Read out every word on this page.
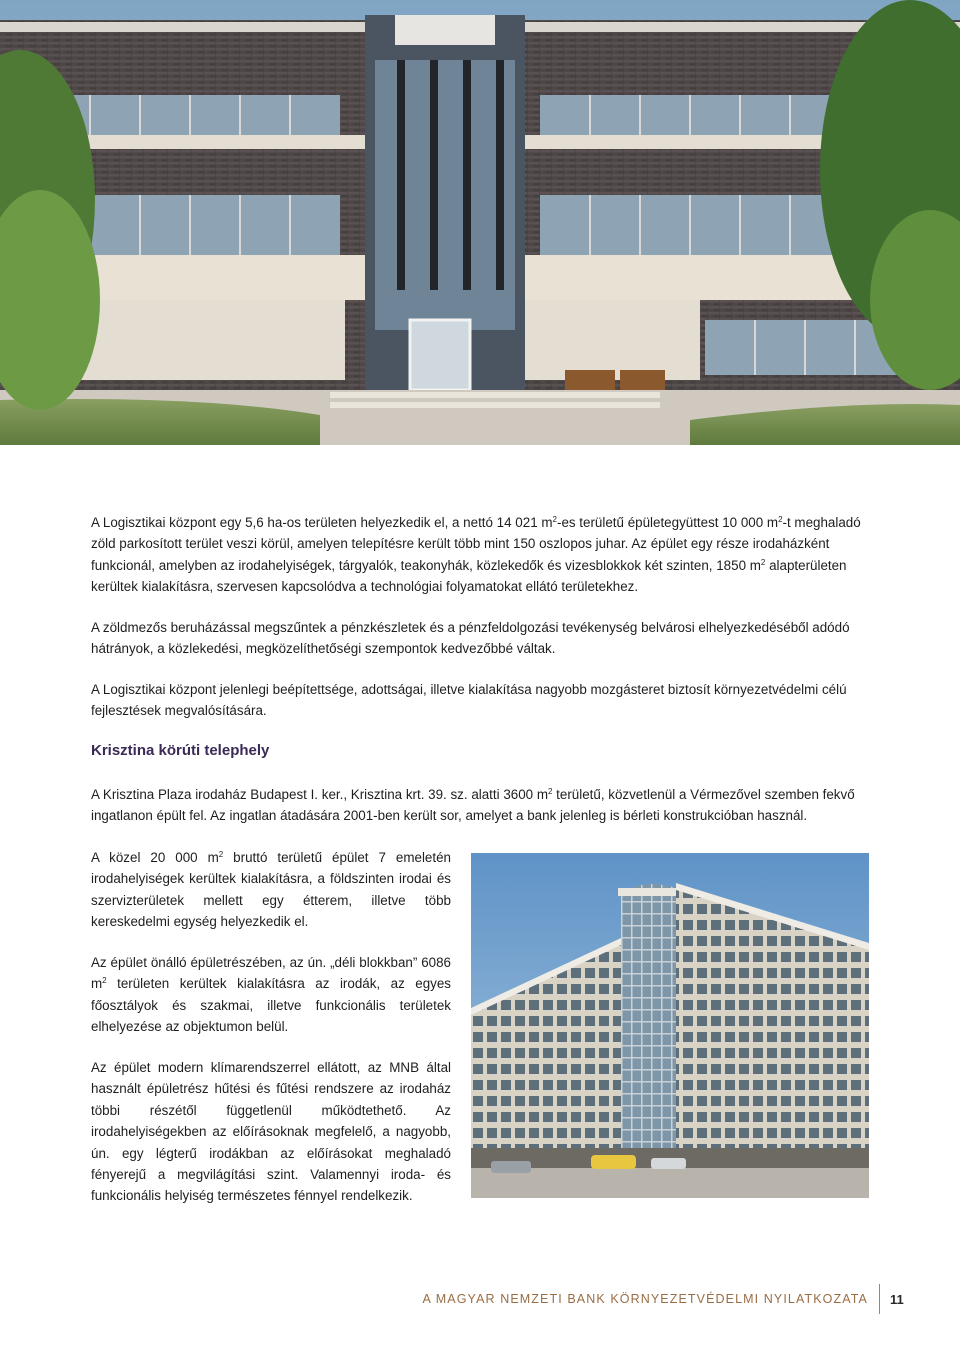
A Logisztikai központ egy 5,6 ha-os területen helyezkedik el, a nettó 14 021 $m^2-es$ területű épületegyüttest 10 000 $m^2-t$ meghaladó zöld parkosított terület veszi körül, amelyen telepítésre került több mint 150 oszlopos juhar. Az épület egy része irodaházként funkcionál, amelyben az irodahelyiségek, tárgyalók, teakonyhák, közlekedők és vizesblokkok két szinten, 1850 $m^2$ alapterületen kerültek kialakításra, szervesen kapcsolódva a technológiai folyamatokat ellátó területekhez.

A zöldmezős beruházással megszűntek a pénzkészletek és a pénzfeldolgozási tevékenység belvárosi elhelyezkedéséből adódó hátrányok, a közlekedési, megközelíthetőségi szempontok kedvezőbbé váltak.

A Logisztikai központ jelenlegi beépítettsége, adottságai, illetve kialakítása nagyobb mozgásteret biztosít környezetvédelmi célú fejlesztések megvalósítására.

Krisztina körúti telephely

A Krisztina Plaza irodaház Budapest I. ker., Krisztina krt. 39. sz. alatti 3600 $m^2$ területű, közvetlenül a Vérmezővel szemben fekvő ingatlanon épült fel. Az ingatlan átadására 2001-ben került sor, amelyet a bank jelenleg is bérleti konstrukcióban használ.

A közel 20 000 $m^2$ bruttó területű épület 7 emeletén irodahelyiségek kerültek kialakításra, a földszinten irodai és szervizterületek mellett egy étterem, illetve több kereskedelmi egység helyezkedik el.

Az épület önálló épületrészében, az ún. „déli blokkban” 6086 $m^2$ területen kerültek kialakításra az irodák, az egyes főosztályok és szakmai, illetve funkcionális területek elhelyezése az objektumon belül.

Az épület modern klímarendszerrel ellátott, az MNB által használt épületrész hűtési és fűtési rendszere az irodaház többi részétől függetlenül működtethető. Az irodahelyiségekben az előírásoknak megfelelő, a nagyobb, ún. egy légterű irodákban az előírásokat meghaladó fényerejű a megvilágítási szint. Valamennyi iroda- és funkcionális helyiség természetes fénnyel rendelkezik.

A MAGYAR NEMZETI BANK KÖRNYEZETVÉDELMI NYILATKOZATA 11
